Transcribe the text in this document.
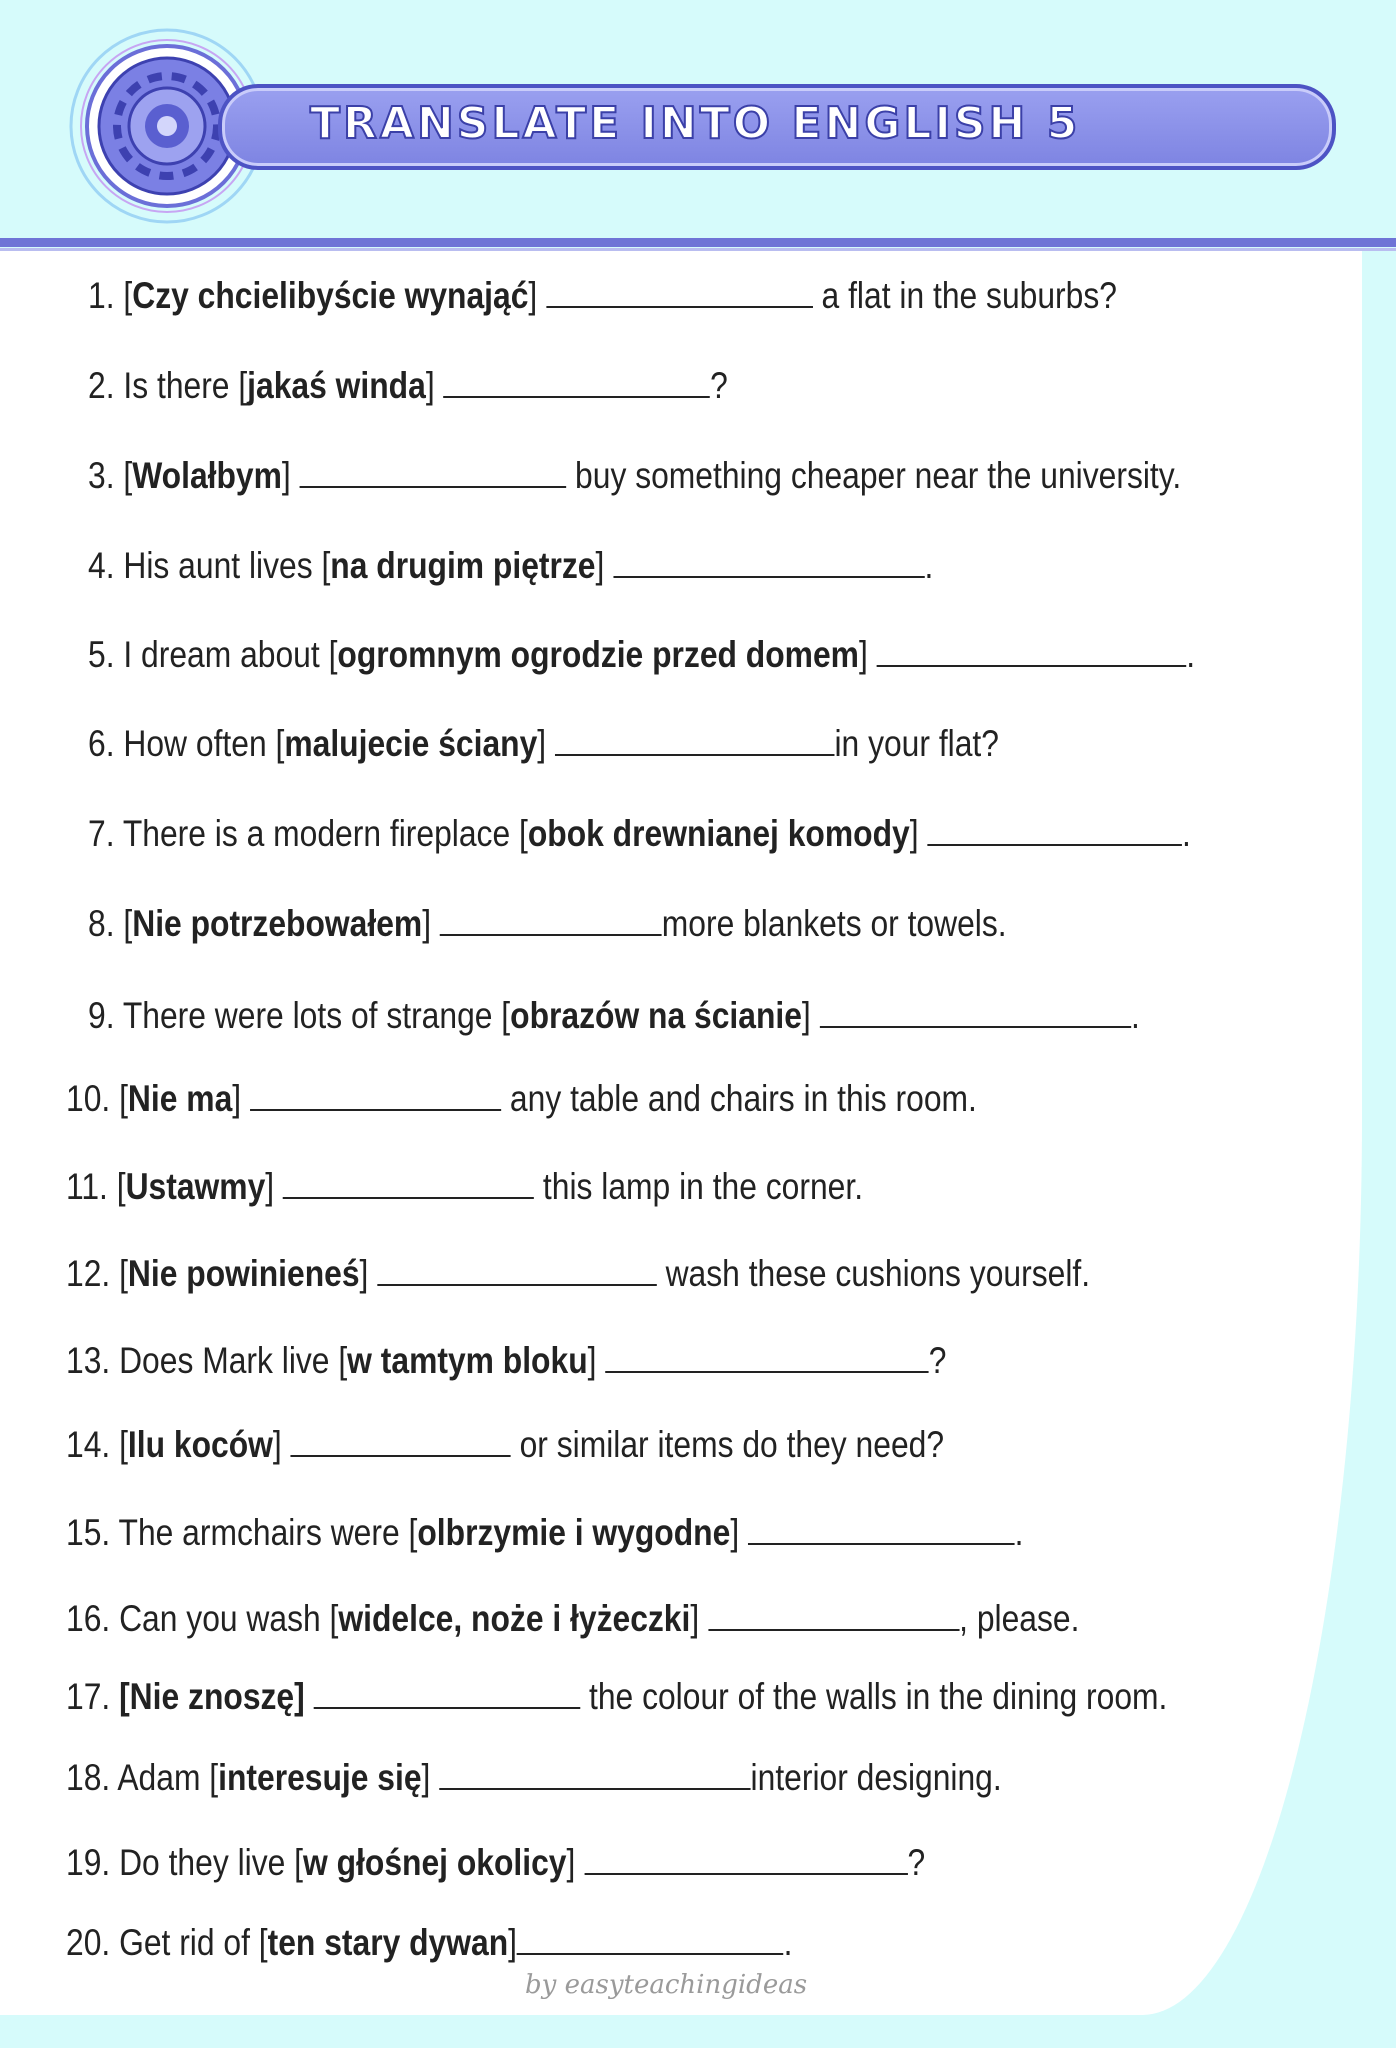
TRANSLATE INTO ENGLISH 5
1. [Czy chcielibyście wynająć]	a flat in the suburbs?
2. Is there [jakaś winda]	?
3. [Wolałbym]	buy something cheaper near the university.
4. His aunt lives [na drugim piętrze]	.
5. I dream about [ogromnym ogrodzie przed domem]	.
6. How often [malujecie ściany]	in your flat?
7. There is a modern fireplace [obok drewnianej komody]	.
8. [Nie potrzebowałem]	more blankets or towels.
9. There were lots of strange [obrazów na ścianie]	.
10. [Nie ma]	any table and chairs in this room.
11. [Ustawmy]	this lamp in the corner.
12. [Nie powinieneś]	wash these cushions yourself.
13. Does Mark live [w tamtym bloku]	?
14. [Ilu koców]	or similar items do they need?
15. The armchairs were [olbrzymie i wygodne]	.
16. Can you wash [widelce, noże i łyżeczki]	, please.
17. [Nie znoszę]	the colour of the walls in the dining room.
18. Adam [interesuje się]	interior designing.
19. Do they live [w głośnej okolicy]	?
20. Get rid of [ten stary dywan]	.
by easyteachingideas
